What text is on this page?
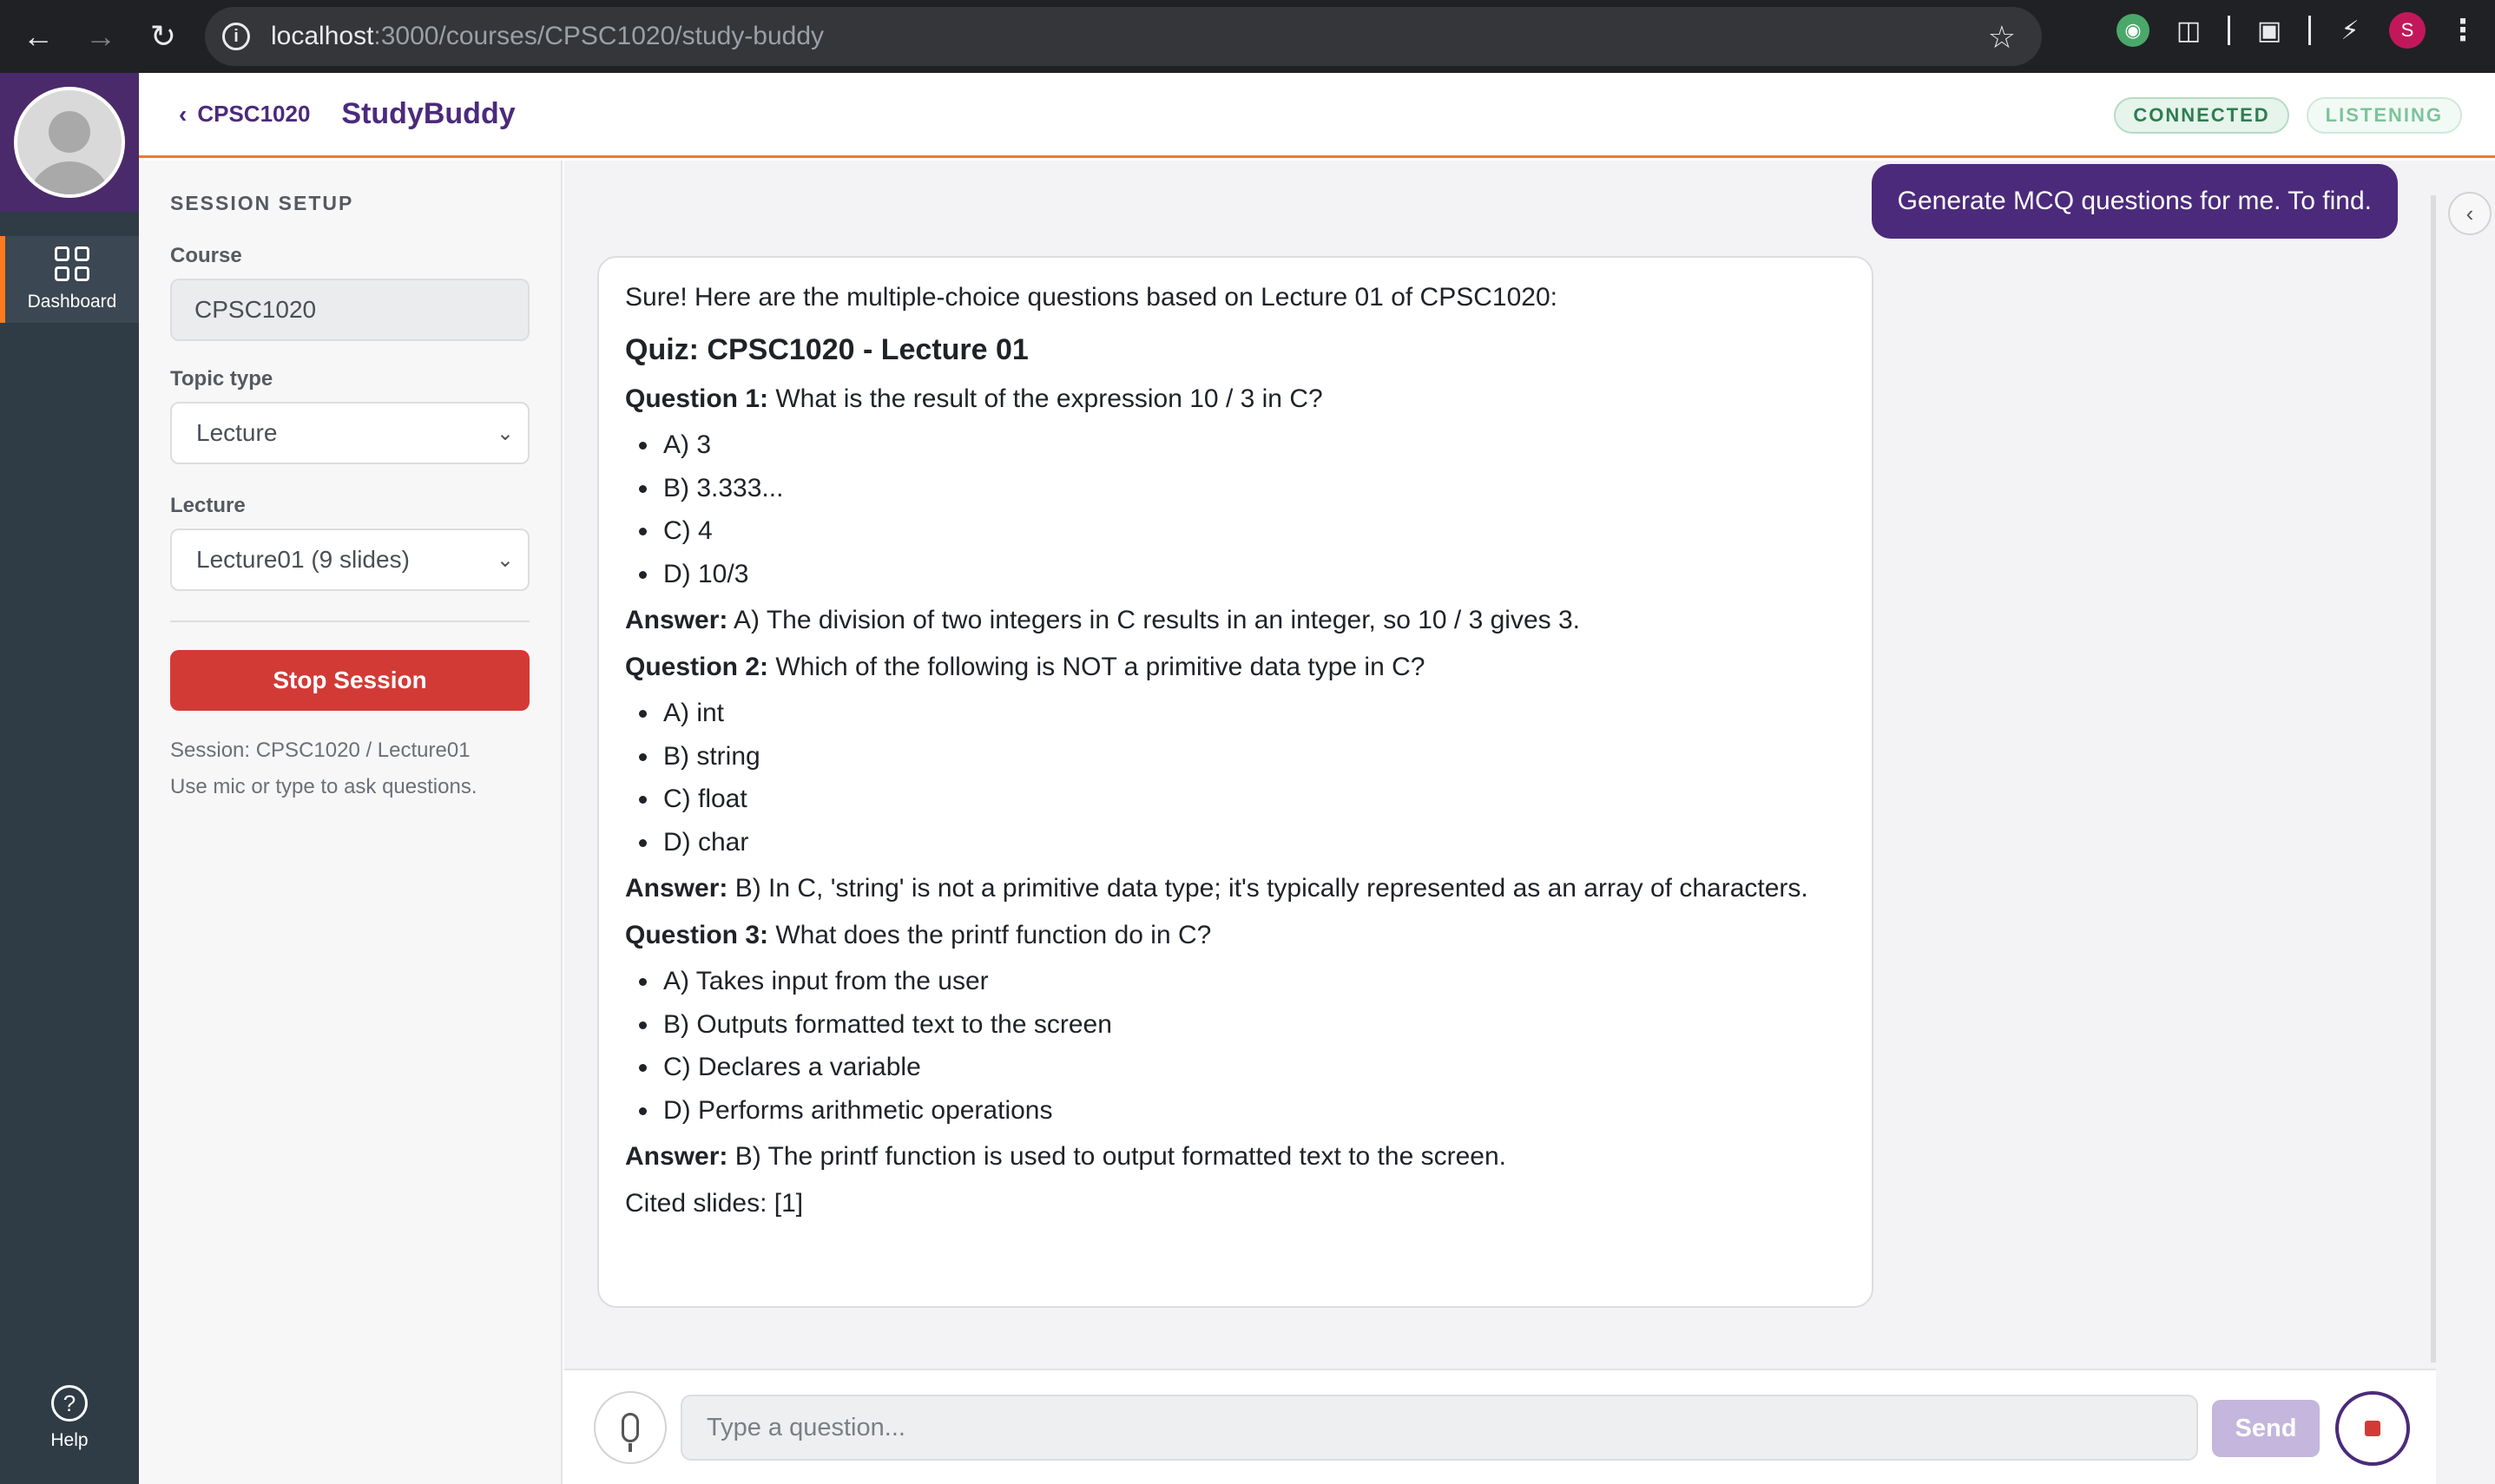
← →	↻	i	localhost:3000/courses/CPSC1020/study-buddy	☆	◉	◫ ▣ ⚡	S	⋮
Dashboard
?
Help
‹ CPSC1020 StudyBuddy	CONNECTED	LISTENING
SESSION SETUP
Course
CPSC1020
Topic type
Lecture	⌄
Lecture
Lecture01 (9 slides)	⌄
Stop Session
Session: CPSC1020 / Lecture01
Use mic or type to ask questions.
Generate MCQ questions for me. To find.

Sure! Here are the multiple-choice questions based on Lecture 01 of CPSC1020:

Quiz: CPSC1020 - Lecture 01

Question 1: What is the result of the expression 10 / 3 in C?

• A) 3
• B) 3.333...
• C) 4
• D) 10/3

Answer: A) The division of two integers in C results in an integer, so 10 / 3 gives 3.

Question 2: Which of the following is NOT a primitive data type in C?

• A) int
• B) string
• C) float
• D) char

Answer: B) In C, 'string' is not a primitive data type; it's typically represented as an array of characters.

Question 3: What does the printf function do in C?

• A) Takes input from the user
• B) Outputs formatted text to the screen
• C) Declares a variable
• D) Performs arithmetic operations

Answer: B) The printf function is used to output formatted text to the screen.

Cited slides: [1]

‹
Type a question...
Send
